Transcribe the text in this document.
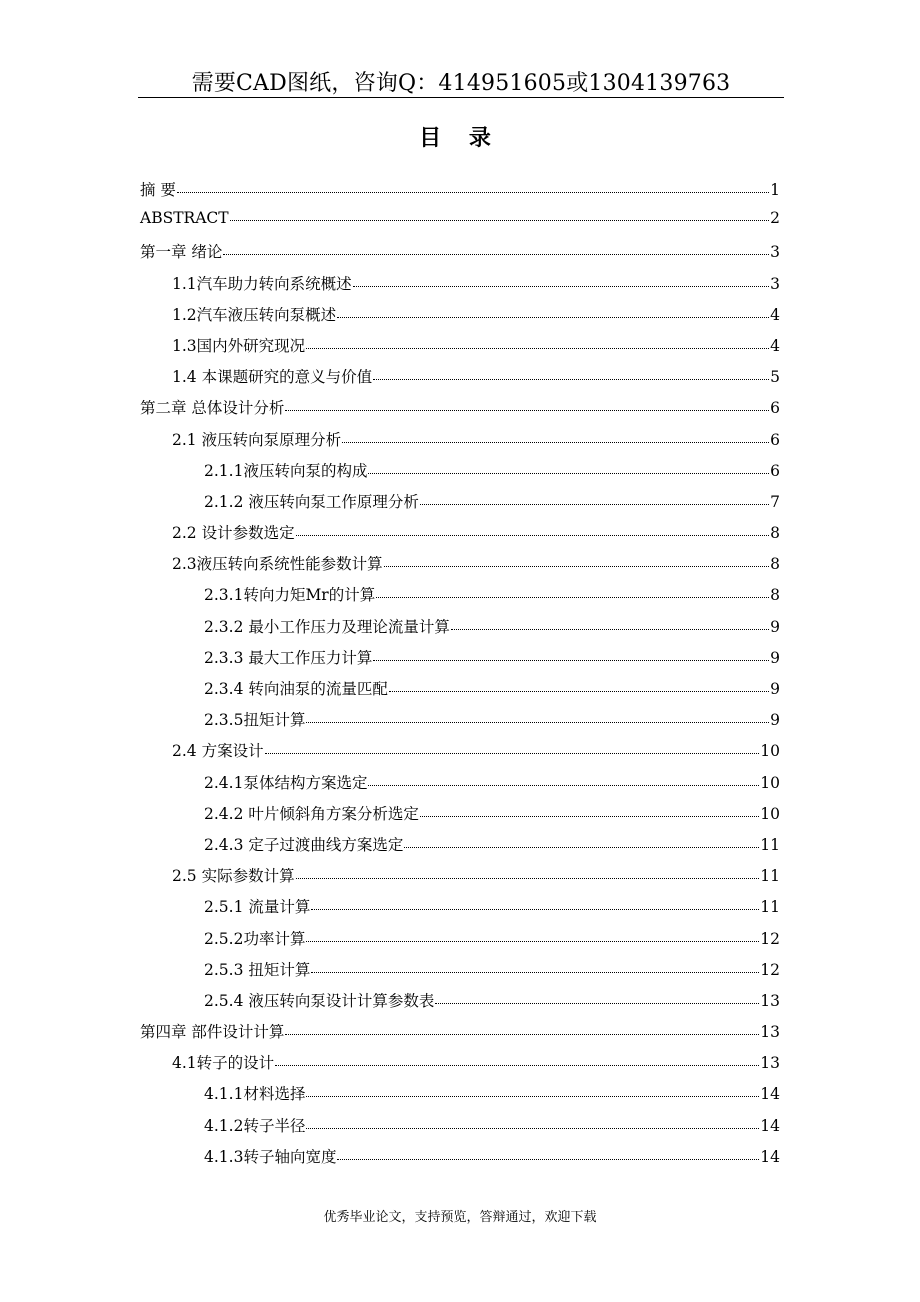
需要CAD图纸，咨询Q：414951605或1304139763
目 录
摘 要	1
ABSTRACT	2
第一章 绪论	3
1.1汽车助力转向系统概述	3
1.2汽车液压转向泵概述	4
1.3国内外研究现况	4
1.4 本课题研究的意义与价值	5
第二章 总体设计分析	6
2.1 液压转向泵原理分析	6
2.1.1液压转向泵的构成	6
2.1.2 液压转向泵工作原理分析	7
2.2 设计参数选定	8
2.3液压转向系统性能参数计算	8
2.3.1转向力矩Mr的计算	8
2.3.2 最小工作压力及理论流量计算	9
2.3.3 最大工作压力计算	9
2.3.4 转向油泵的流量匹配	9
2.3.5扭矩计算	9
2.4 方案设计	10
2.4.1泵体结构方案选定	10
2.4.2 叶片倾斜角方案分析选定	10
2.4.3 定子过渡曲线方案选定	11
2.5 实际参数计算	11
2.5.1 流量计算	11
2.5.2功率计算	12
2.5.3 扭矩计算	12
2.5.4 液压转向泵设计计算参数表	13
第四章 部件设计计算	13
4.1转子的设计	13
4.1.1材料选择	14
4.1.2转子半径	14
4.1.3转子轴向宽度	14
优秀毕业论文，支持预览，答辩通过，欢迎下载
